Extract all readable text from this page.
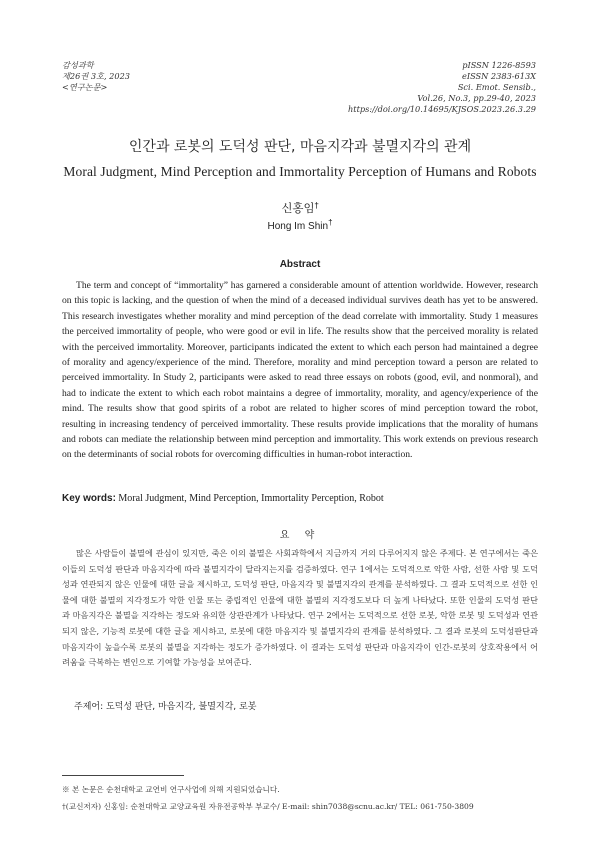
감성과학
제26권 3호, 2023
<연구논문>
pISSN 1226-8593
eISSN 2383-613X
Sci. Emot. Sensib.,
Vol.26, No.3, pp.29-40, 2023
https://doi.org/10.14695/KJSOS.2023.26.3.29
인간과 로봇의 도덕성 판단, 마음지각과 불멸지각의 관계
Moral Judgment, Mind Perception and Immortality Perception of Humans and Robots
신홍임†
Hong Im Shin†
Abstract

The term and concept of “immortality” has garnered a considerable amount of attention worldwide. However, research on this topic is lacking, and the question of when the mind of a deceased individual survives death has yet to be answered. This research investigates whether morality and mind perception of the dead correlate with immortality. Study 1 measures the perceived immortality of people, who were good or evil in life. The results show that the perceived morality is related with the perceived immortality. Moreover, participants indicated the extent to which each person had maintained a degree of morality and agency/experience of the mind. Therefore, morality and mind perception toward a person are related to perceived immortality. In Study 2, participants were asked to read three essays on robots (good, evil, and nonmoral), and had to indicate the extent to which each robot maintains a degree of immortality, morality, and agency/experience of the mind. The results show that good spirits of a robot are related to higher scores of mind perception toward the robot, resulting in increasing tendency of perceived immortality. These results provide implications that the morality of humans and robots can mediate the relationship between mind perception and immortality. This work extends on previous research on the determinants of social robots for overcoming difficulties in human-robot interaction.

Key words: Moral Judgment, Mind Perception, Immortality Perception, Robot
요 약

많은 사람들이 불멸에 관심이 있지만, 죽은 이의 불멸은 사회과학에서 지금까지 거의 다루어지지 않은 주제다. 본 연구에서는 죽은 이들의 도덕성 판단과 마음지각에 따라 불멸지각이 달라지는지를 검증하였다. 연구 1에서는 도덕적으로 악한 사람, 선한 사람 및 도덕성과 연관되지 않은 인물에 대한 글을 제시하고, 도덕성 판단, 마음지각 및 불멸지각의 관계를 분석하였다. 그 결과 도덕적으로 선한 인물에 대한 불멸의 지각정도가 악한 인물 또는 중립적인 인물에 대한 불멸의 지각정도보다 더 높게 나타났다. 또한 인물의 도덕성 판단과 마음지각은 불멸을 지각하는 정도와 유의한 상관관계가 나타났다. 연구 2에서는 도덕적으로 선한 로봇, 악한 로봇 및 도덕성과 연관되지 않은, 기능적 로봇에 대한 글을 제시하고, 로봇에 대한 마음지각 및 불멸지각의 관계를 분석하였다. 그 결과 로봇의 도덕성판단과 마음지각이 높을수록 로봇의 불멸을 지각하는 정도가 증가하였다. 이 결과는 도덕성 판단과 마음지각이 인간-로봇의 상호작용에서 어려움을 극복하는 변인으로 기여할 가능성을 보여준다.

주제어: 도덕성 판단, 마음지각, 불멸지각, 로봇
※ 본 논문은 순천대학교 교연비 연구사업에 의해 지원되었습니다.
†(교신저자) 신홍임: 순천대학교 교양교육원 자유전공학부 부교수/ E-mail: shin7038@scnu.ac.kr/ TEL: 061-750-3809
